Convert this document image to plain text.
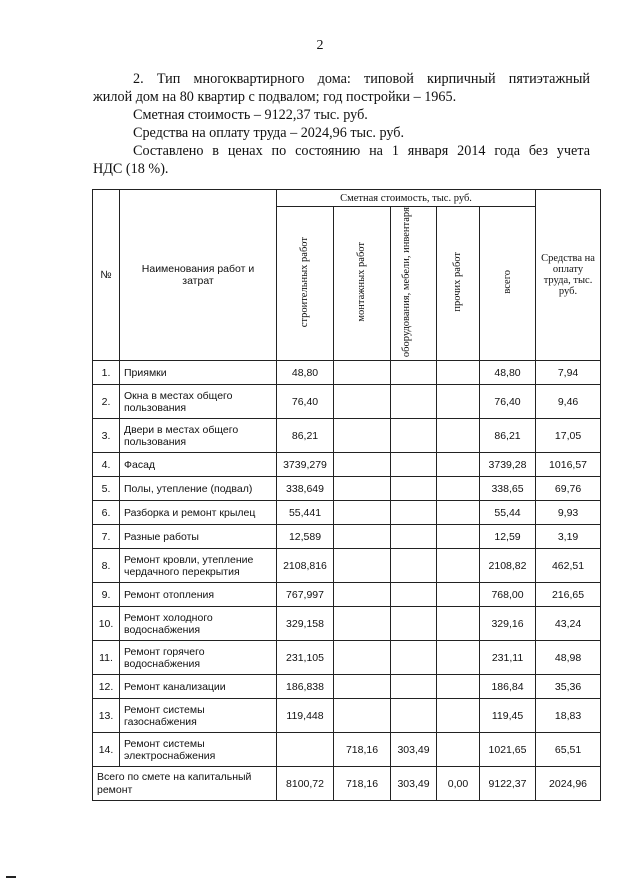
2
2. Тип многоквартирного дома: типовой кирпичный пятиэтажный
жилой дом на 80 квартир с подвалом; год постройки – 1965.
Сметная стоимость – 9122,37 тыс. руб.
Средства на оплату труда – 2024,96 тыс. руб.
Составлено в ценах по состоянию на 1 января 2014 года без учета
НДС (18 %).
№	Наименования работ и затрат	Сметная стоимость, тыс. руб.					Средства на оплату труда, тыс. руб.
		строительных работ	монтажных работ	оборудования, мебели, инвентаря	прочих работ	всего	
1.	Приямки	48,80				48,80	7,94
2.	Окна в местах общего пользования	76,40				76,40	9,46
3.	Двери в местах общего пользования	86,21				86,21	17,05
4.	Фасад	3739,279				3739,28	1016,57
5.	Полы, утепление (подвал)	338,649				338,65	69,76
6.	Разборка и ремонт крылец	55,441				55,44	9,93
7.	Разные работы	12,589				12,59	3,19
8.	Ремонт кровли, утепление чердачного перекрытия	2108,816				2108,82	462,51
9.	Ремонт отопления	767,997				768,00	216,65
10.	Ремонт холодного водоснабжения	329,158				329,16	43,24
11.	Ремонт горячего водоснабжения	231,105				231,11	48,98
12.	Ремонт канализации	186,838				186,84	35,36
13.	Ремонт системы газоснабжения	119,448				119,45	18,83
14.	Ремонт системы электроснабжения		718,16	303,49		1021,65	65,51
Всего по смете на капитальный ремонт		8100,72	718,16	303,49	0,00	9122,37	2024,96
